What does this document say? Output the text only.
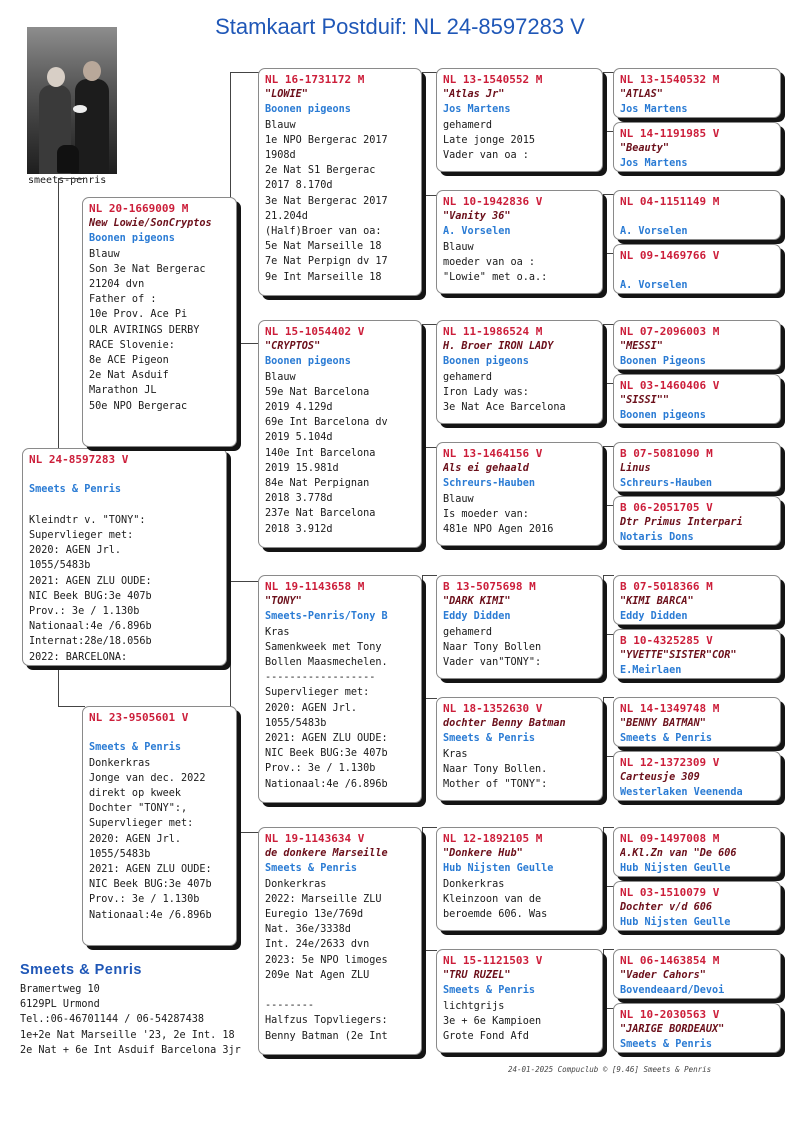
Stamkaart Postduif: NL 24-8597283 V
smeets-penris
NL 24-8597283 V

Smeets & Penris

Kleindtr v. "TONY":
Supervlieger met:
2020: AGEN Jrl.
1055/5483b
2021: AGEN ZLU OUDE:
NIC Beek BUG:3e 407b
Prov.: 3e / 1.130b
Nationaal:4e /6.896b
Internat:28e/18.056b
2022: BARCELONA:
NL 20-1669009 M
New Lowie/SonCryptos
Boonen pigeons
Blauw
Son 3e Nat Bergerac
21204 dvn
Father of :
10e Prov. Ace Pi
OLR AVIRINGS DERBY
RACE Slovenie:
8e ACE Pigeon
2e Nat Asduif
Marathon JL
50e NPO Bergerac
NL 23-9505601 V

Smeets & Penris
Donkerkras
Jonge van dec. 2022
direkt op kweek
Dochter "TONY":,
Supervlieger met:
2020: AGEN Jrl.
1055/5483b
2021: AGEN ZLU OUDE:
NIC Beek BUG:3e 407b
Prov.: 3e / 1.130b
Nationaal:4e /6.896b
NL 16-1731172 M
"LOWIE"
Boonen pigeons
Blauw
1e NPO Bergerac 2017
1908d
2e Nat S1 Bergerac
2017 8.170d
3e Nat Bergerac 2017
21.204d
(Half)Broer van oa:
5e Nat Marseille 18
7e Nat Perpign dv 17
9e Int Marseille 18
NL 15-1054402 V
"CRYPTOS"
Boonen pigeons
Blauw
59e Nat Barcelona
2019 4.129d
69e Int Barcelona dv
2019 5.104d
140e Int Barcelona
2019 15.981d
84e Nat Perpignan
2018 3.778d
237e Nat Barcelona
2018 3.912d
NL 19-1143658 M
"TONY"
Smeets-Penris/Tony B
Kras
Samenkweek met Tony
Bollen Maasmechelen.
------------------
Supervlieger met:
2020: AGEN Jrl.
1055/5483b
2021: AGEN ZLU OUDE:
NIC Beek BUG:3e 407b
Prov.: 3e / 1.130b
Nationaal:4e /6.896b
NL 19-1143634 V
de donkere Marseille
Smeets & Penris
Donkerkras
2022: Marseille ZLU
Euregio 13e/769d
Nat. 36e/3338d
Int. 24e/2633 dvn
2023: 5e NPO limoges
209e Nat Agen ZLU

--------
Halfzus Topvliegers:
Benny Batman (2e Int
NL 13-1540552 M
"Atlas Jr"
Jos Martens
gehamerd
Late jonge 2015
Vader van oa :
NL 10-1942836 V
"Vanity 36"
A. Vorselen
Blauw
moeder van oa :
"Lowie" met o.a.:
NL 11-1986524 M
H. Broer IRON LADY
Boonen pigeons
gehamerd
Iron Lady was:
3e Nat Ace Barcelona
NL 13-1464156 V
Als ei gehaald
Schreurs-Hauben
Blauw
Is moeder van:
481e NPO Agen 2016
B 13-5075698 M
"DARK KIMI"
Eddy Didden
gehamerd
Naar Tony Bollen
Vader van"TONY":
NL 18-1352630 V
dochter Benny Batman
Smeets & Penris
Kras
Naar Tony Bollen.
Mother of "TONY":
NL 12-1892105 M
"Donkere Hub"
Hub Nijsten Geulle
Donkerkras
Kleinzoon van de
beroemde 606. Was
NL 15-1121503 V
"TRU RUZEL"
Smeets & Penris
lichtgrijs
3e + 6e Kampioen
Grote Fond Afd
NL 13-1540532 M
"ATLAS"
Jos Martens
NL 14-1191985 V
"Beauty"
Jos Martens
NL 04-1151149 M

A. Vorselen
NL 09-1469766 V

A. Vorselen
NL 07-2096003 M
"MESSI"
Boonen Pigeons
NL 03-1460406 V
"SISSI""
Boonen pigeons
B 07-5081090 M
Linus
Schreurs-Hauben
B 06-2051705 V
Dtr Primus Interpari
Notaris Dons
B 07-5018366 M
"KIMI BARCA"
Eddy Didden
B 10-4325285 V
"YVETTE"SISTER"COR"
E.Meirlaen
NL 14-1349748 M
"BENNY BATMAN"
Smeets & Penris
NL 12-1372309 V
Carteusje 309
Westerlaken Veenenda
NL 09-1497008 M
A.Kl.Zn van "De 606
Hub Nijsten Geulle
NL 03-1510079 V
Dochter v/d 606
Hub Nijsten Geulle
NL 06-1463854 M
"Vader Cahors"
Bovendeaard/Devoi
NL 10-2030563 V
"JARIGE BORDEAUX"
Smeets & Penris
Smeets & Penris
Bramertweg 10
6129PL Urmond
Tel.:06-46701144 / 06-54287438
1e+2e Nat Marseille '23, 2e Int. 18
2e Nat + 6e Int Asduif Barcelona 3jr
24-01-2025 Compuclub © [9.46] Smeets & Penris
